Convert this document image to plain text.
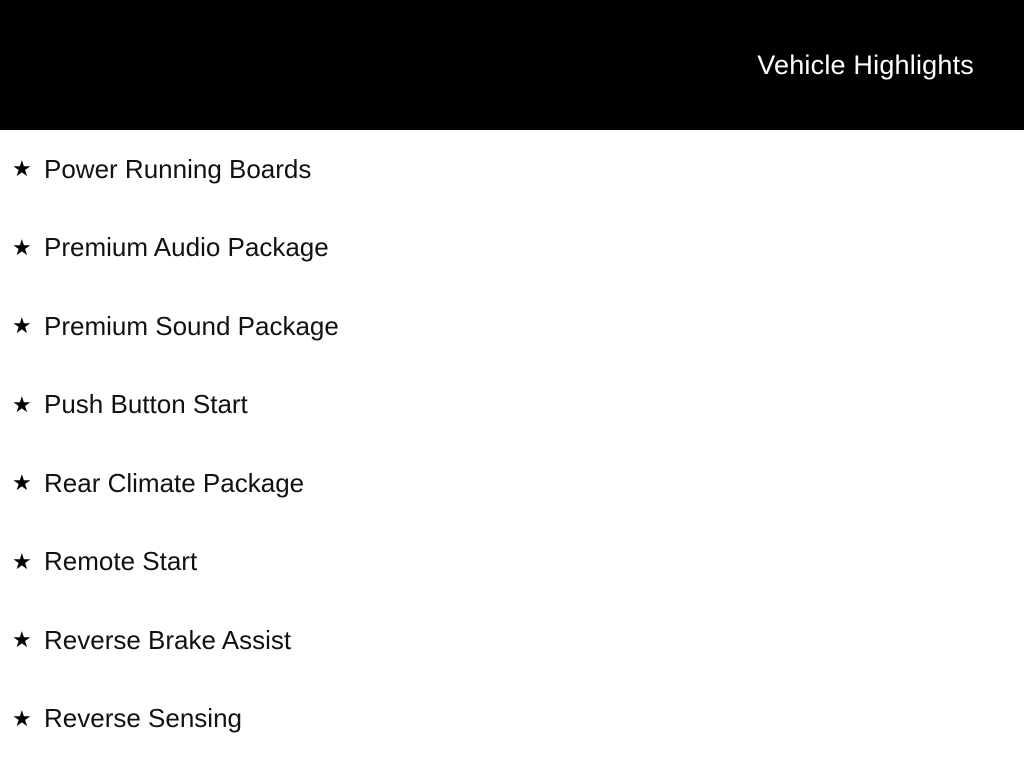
Vehicle Highlights
★ Power Running Boards
★ Premium Audio Package
★ Premium Sound Package
★ Push Button Start
★ Rear Climate Package
★ Remote Start
★ Reverse Brake Assist
★ Reverse Sensing
